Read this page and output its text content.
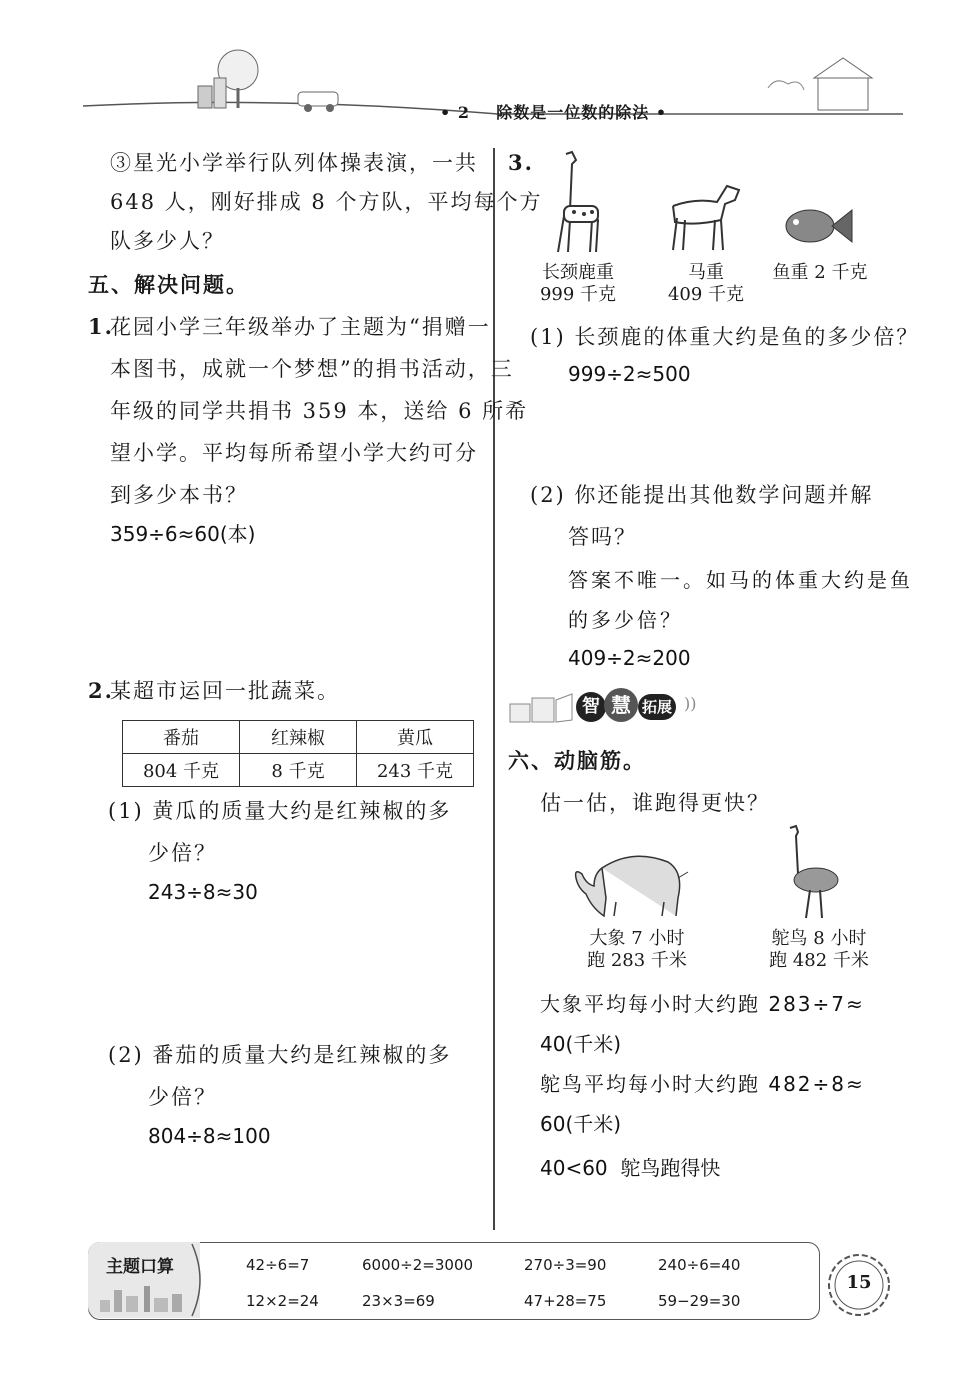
• 2 除数是一位数的除法 •
③星光小学举行队列体操表演，一共
648 人，刚好排成 8 个方队，平均每个方
队多少人？
五、解决问题。
1.
花园小学三年级举办了主题为“捐赠一
本图书，成就一个梦想”的捐书活动，三
年级的同学共捐书 359 本，送给 6 所希
望小学。平均每所希望小学大约可分
到多少本书？
359÷6≈60(本)
2.
某超市运回一批蔬菜。
番茄	红辣椒	黄瓜
804 千克	8 千克	243 千克
(1) 黄瓜的质量大约是红辣椒的多
少倍？
243÷8≈30
(2) 番茄的质量大约是红辣椒的多
少倍？
804÷8≈100
3.
长颈鹿重
999 千克
马重
409 千克
鱼重 2 千克
(1) 长颈鹿的体重大约是鱼的多少倍？
999÷2≈500
(2) 你还能提出其他数学问题并解
答吗？
答案不唯一。如马的体重大约是鱼
的多少倍？
409÷2≈200
智 慧 拓展 ))
六、动脑筋。
估一估，谁跑得更快？
大象 7 小时
跑 283 千米
鸵鸟 8 小时
跑 482 千米
大象平均每小时大约跑 283÷7≈
40(千米)
鸵鸟平均每小时大约跑 482÷8≈
60(千米)
40<60  鸵鸟跑得快
主题口算	42÷6=7	6000÷2=3000	270÷3=90	240÷6=40
12×2=24	23×3=69	47+28=75	59−29=30
15
